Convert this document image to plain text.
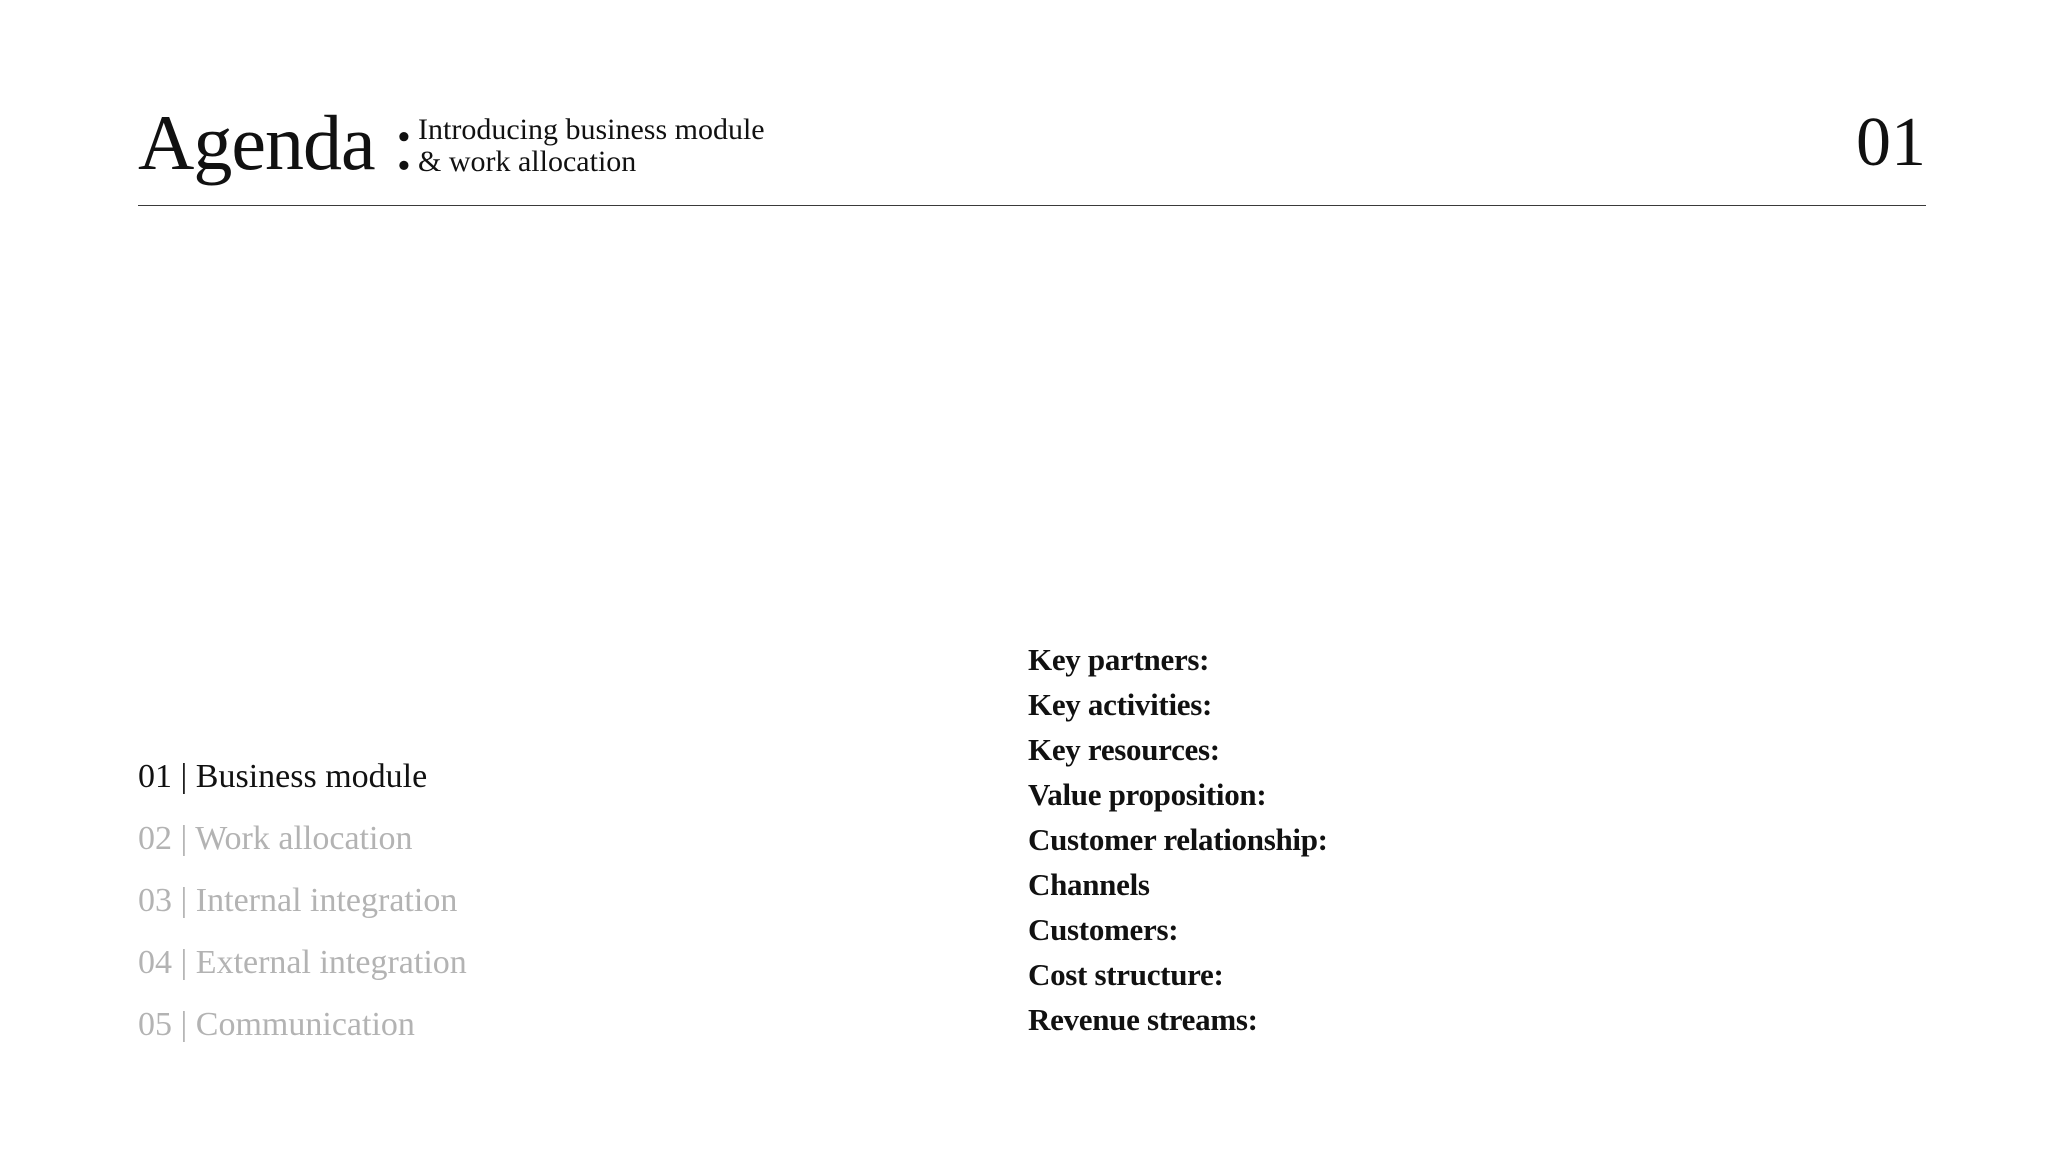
Agenda : Introducing business module
& work allocation	01
01 | Business module
02 | Work allocation
03 | Internal integration
04 | External integration
05 | Communication
Key partners:
Key activities:
Key resources:
Value proposition:
Customer relationship:
Channels
Customers:
Cost structure:
Revenue streams:
